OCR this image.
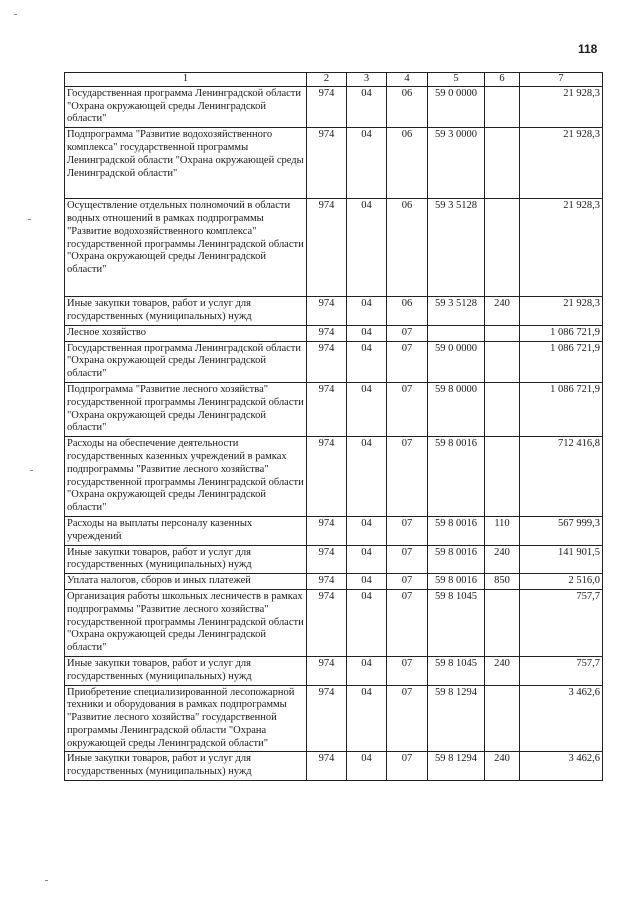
118
1	2	3	4	5	6	7
Государственная программа Ленинградской области "Охрана окружающей среды Ленинградской области"	974	04	06	59 0 0000		21 928,3
Подпрограмма "Развитие водохозяйственного комплекса" государственной программы Ленинградской области "Охрана окружающей среды Ленинградской области"	974	04	06	59 3 0000		21 928,3
Осуществление отдельных полномочий в области водных отношений в рамках подпрограммы "Развитие водохозяйственного комплекса" государственной программы Ленинградской области "Охрана окружающей среды Ленинградской области"	974	04	06	59 3 5128		21 928,3
Иные закупки товаров, работ и услуг для государственных (муниципальных) нужд	974	04	06	59 3 5128	240	21 928,3
Лесное хозяйство	974	04	07			1 086 721,9
Государственная программа Ленинградской области "Охрана окружающей среды Ленинградской области"	974	04	07	59 0 0000		1 086 721,9
Подпрограмма "Развитие лесного хозяйства" государственной программы Ленинградской области "Охрана окружающей среды Ленинградской области"	974	04	07	59 8 0000		1 086 721,9
Расходы на обеспечение деятельности государственных казенных учреждений в рамках подпрограммы "Развитие лесного хозяйства" государственной программы Ленинградской области "Охрана окружающей среды Ленинградской области"	974	04	07	59 8 0016		712 416,8
Расходы на выплаты персоналу казенных учреждений	974	04	07	59 8 0016	110	567 999,3
Иные закупки товаров, работ и услуг для государственных (муниципальных) нужд	974	04	07	59 8 0016	240	141 901,5
Уплата налогов, сборов и иных платежей	974	04	07	59 8 0016	850	2 516,0
Организация работы школьных лесничеств в рамках подпрограммы "Развитие лесного хозяйства" государственной программы Ленинградской области "Охрана окружающей среды Ленинградской области"	974	04	07	59 8 1045		757,7
Иные закупки товаров, работ и услуг для государственных (муниципальных) нужд	974	04	07	59 8 1045	240	757,7
Приобретение специализированной лесопожарной техники и оборудования в рамках подпрограммы "Развитие лесного хозяйства" государственной программы Ленинградской области "Охрана окружающей среды Ленинградской области"	974	04	07	59 8 1294		3 462,6
Иные закупки товаров, работ и услуг для государственных (муниципальных) нужд	974	04	07	59 8 1294	240	3 462,6
